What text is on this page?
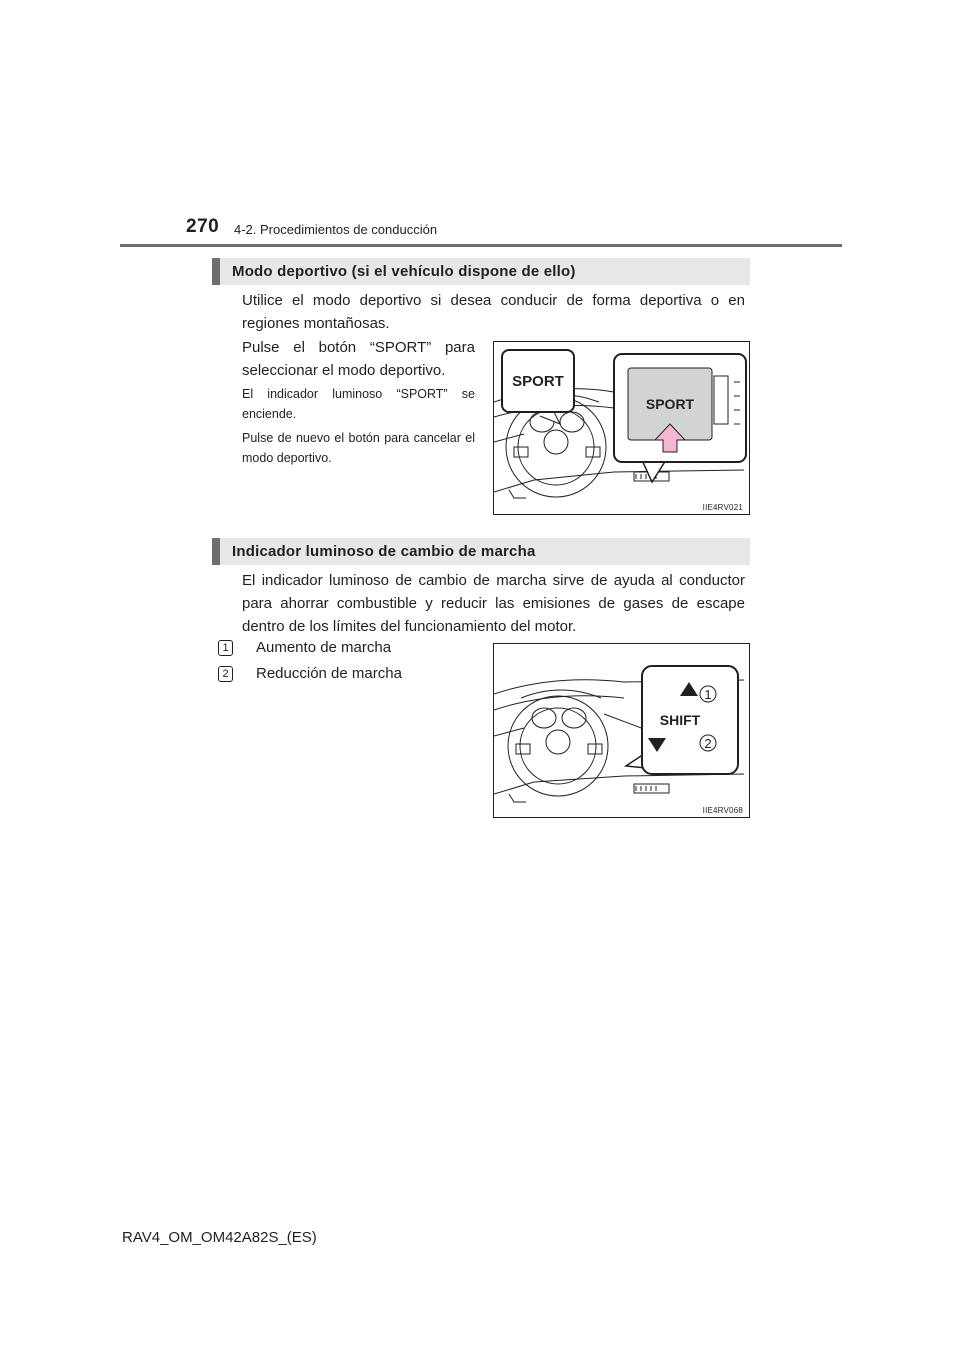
270 4-2. Procedimientos de conducción
Modo deportivo (si el vehículo dispone de ello)
Utilice el modo deportivo si desea conducir de forma deportiva o en regiones montañosas.
Pulse el botón “SPORT” para seleccionar el modo deportivo.
El indicador luminoso “SPORT” se enciende.
Pulse de nuevo el botón para cancelar el modo deportivo.
SPORT
SPORT
IIE4RV021
Indicador luminoso de cambio de marcha
El indicador luminoso de cambio de marcha sirve de ayuda al conductor para ahorrar combustible y reducir las emisiones de gases de escape dentro de los límites del funcionamiento del motor.
1 Aumento de marcha
2 Reducción de marcha
SHIFT
1
2
IIE4RV068
RAV4_OM_OM42A82S_(ES)
